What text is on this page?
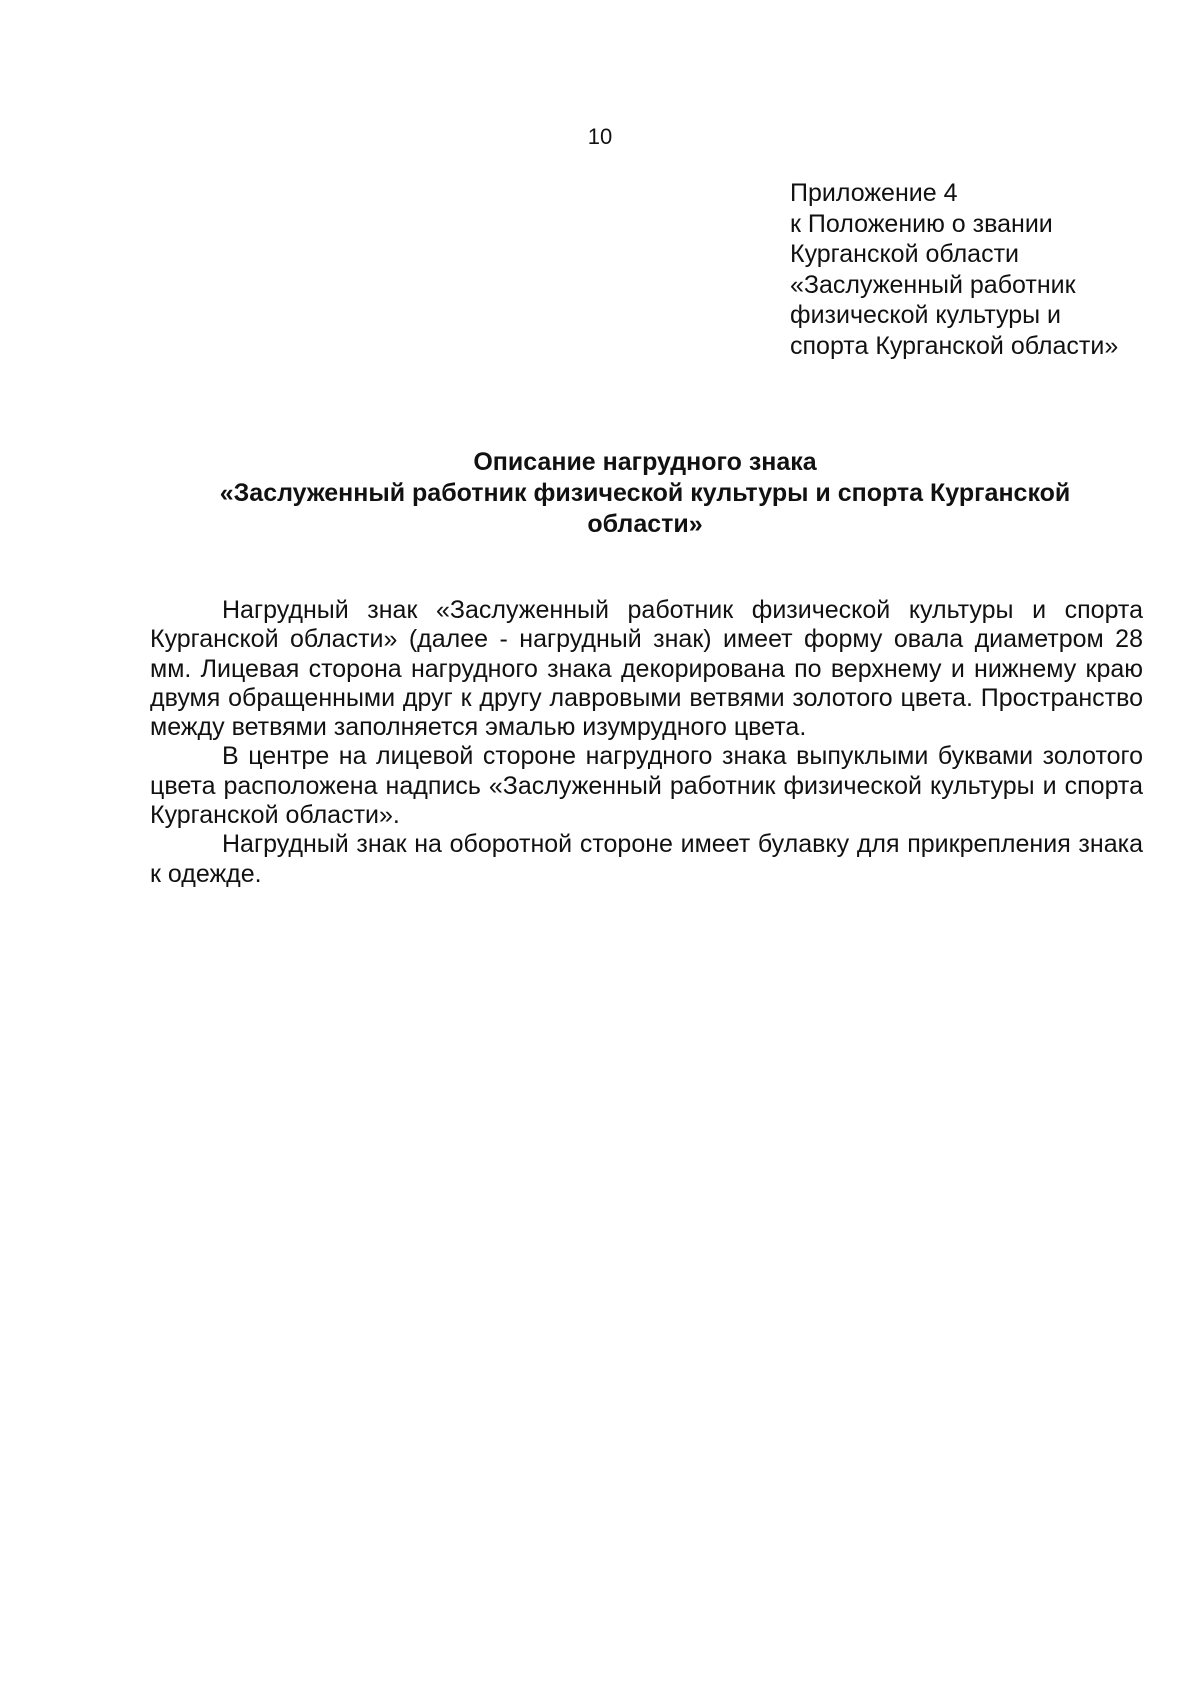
10
Приложение 4
к Положению о звании
Курганской области
«Заслуженный работник
физической культуры и
спорта Курганской области»
Описание нагрудного знака
«Заслуженный работник физической культуры и спорта Курганской
области»

Нагрудный знак «Заслуженный работник физической культуры и спорта Курганской области» (далее - нагрудный знак) имеет форму овала диаметром 28 мм. Лицевая сторона нагрудного знака декорирована по верхнему и нижнему краю двумя обращенными друг к другу лавровыми ветвями золотого цвета. Пространство между ветвями заполняется эмалью изумрудного цвета.

В центре на лицевой стороне нагрудного знака выпуклыми буквами золотого цвета расположена надпись «Заслуженный работник физической культуры и спорта Курганской области».

Нагрудный знак на оборотной стороне имеет булавку для прикрепления знака к одежде.
